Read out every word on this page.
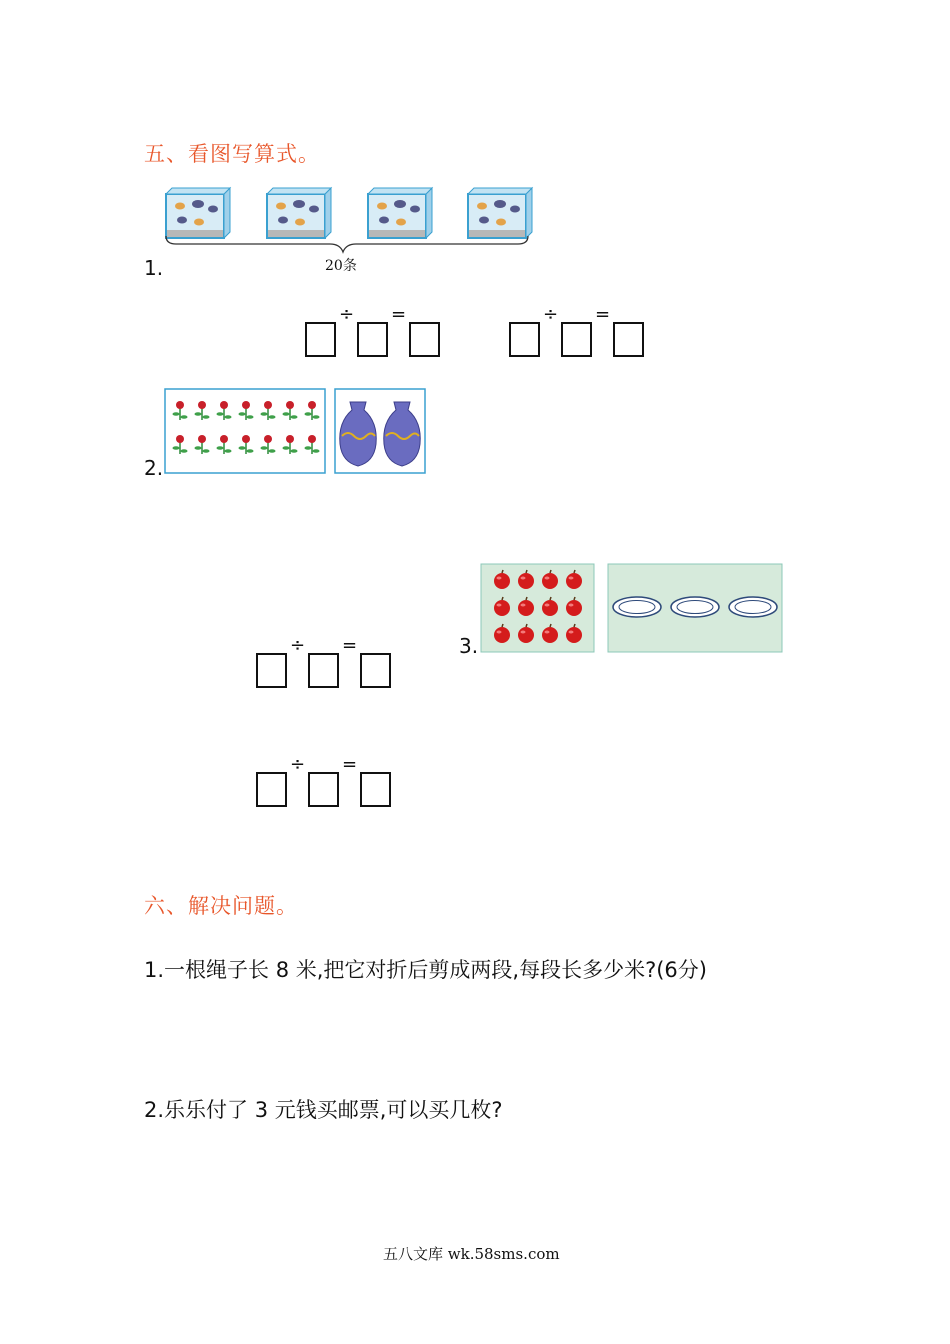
五、看图写算式。
1.	20条
÷ =	÷ =
2.
3.
÷ =
÷ =
六、解决问题。
1.一根绳子长 8 米,把它对折后剪成两段,每段长多少米?(6分)
2.乐乐付了 3 元钱买邮票,可以买几枚?
五八文库 wk.58sms.com
